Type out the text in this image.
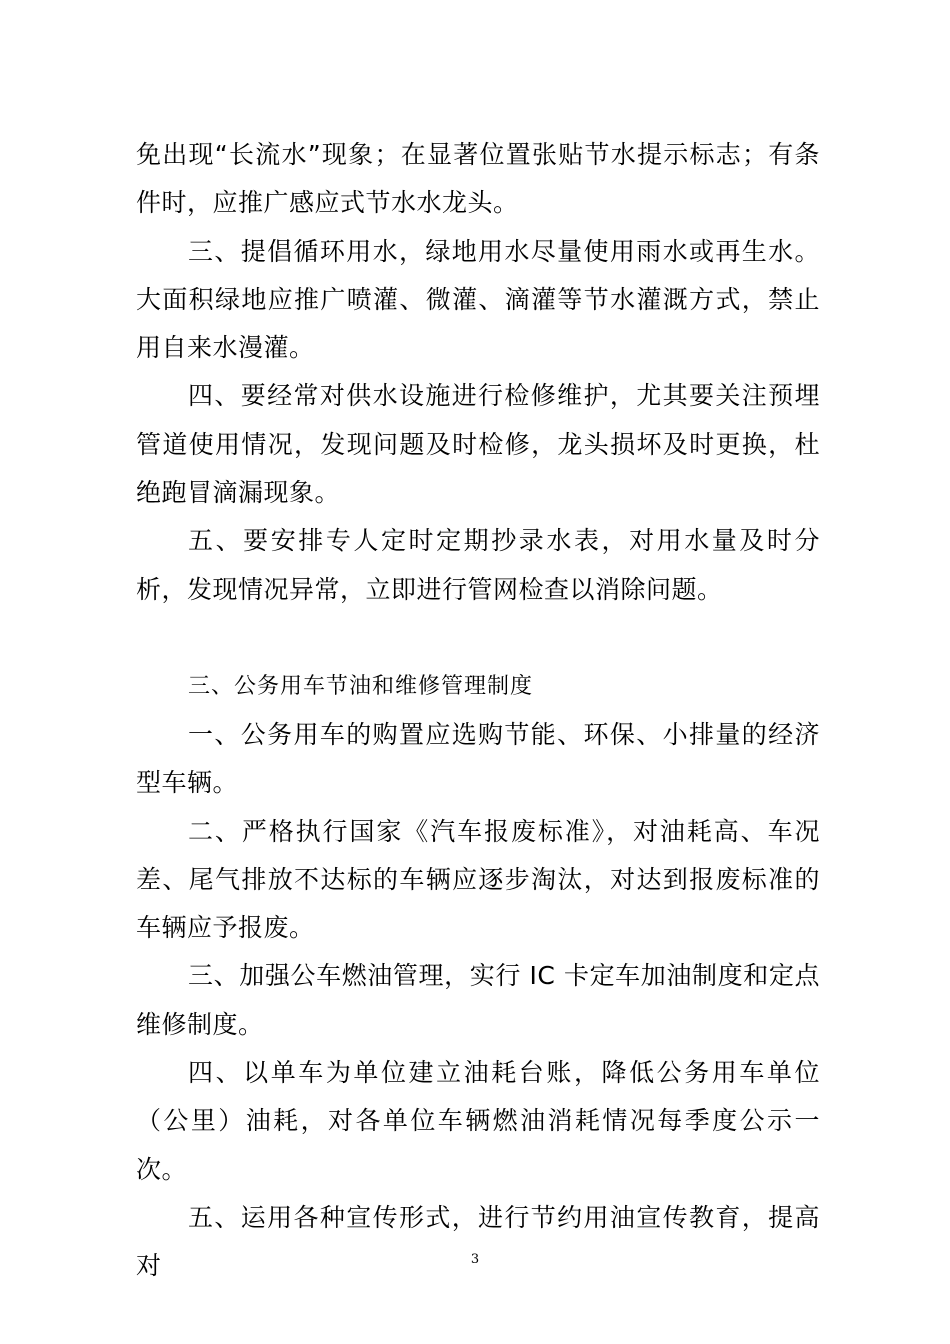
免出现“长流水”现象；在显著位置张贴节水提示标志；有条件时，应推广感应式节水水龙头。

三、提倡循环用水，绿地用水尽量使用雨水或再生水。大面积绿地应推广喷灌、微灌、滴灌等节水灌溉方式，禁止用自来水漫灌。

四、要经常对供水设施进行检修维护，尤其要关注预埋管道使用情况，发现问题及时检修，龙头损坏及时更换，杜绝跑冒滴漏现象。

五、要安排专人定时定期抄录水表，对用水量及时分析，发现情况异常，立即进行管网检查以消除问题。

三、公务用车节油和维修管理制度

一、公务用车的购置应选购节能、环保、小排量的经济型车辆。

二、严格执行国家《汽车报废标准》，对油耗高、车况差、尾气排放不达标的车辆应逐步淘汰，对达到报废标准的车辆应予报废。

三、加强公车燃油管理，实行 IC 卡定车加油制度和定点维修制度。

四、以单车为单位建立油耗台账，降低公务用车单位（公里）油耗，对各单位车辆燃油消耗情况每季度公示一次。

五、运用各种宣传形式，进行节约用油宣传教育，提高对	3
